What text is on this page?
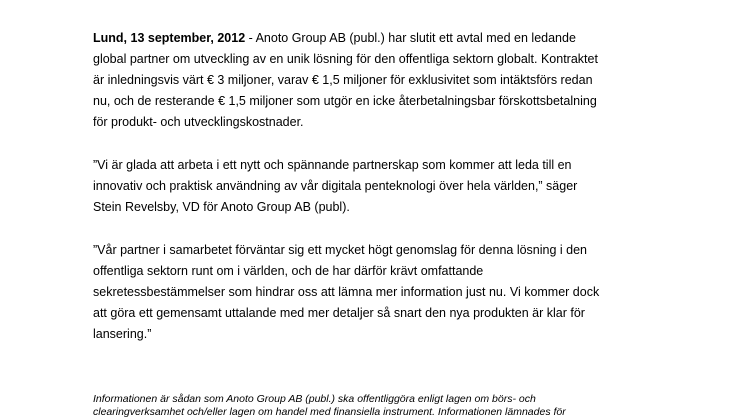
Lund, 13 september, 2012 - Anoto Group AB (publ.) har slutit ett avtal med en ledande
global partner om utveckling av en unik lösning för den offentliga sektorn globalt. Kontraktet
är inledningsvis värt € 3 miljoner, varav € 1,5 miljoner för exklusivitet som intäktsförs redan
nu, och de resterande € 1,5 miljoner som utgör en icke återbetalningsbar förskottsbetalning
för produkt- och utvecklingskostnader.

”Vi är glada att arbeta i ett nytt och spännande partnerskap som kommer att leda till en
innovativ och praktisk användning av vår digitala penteknologi över hela världen,” säger
Stein Revelsby, VD för Anoto Group AB (publ).

”Vår partner i samarbetet förväntar sig ett mycket högt genomslag för denna lösning i den
offentliga sektorn runt om i världen, och de har därför krävt omfattande
sekretessbestämmelser som hindrar oss att lämna mer information just nu. Vi kommer dock
att göra ett gemensamt uttalande med mer detaljer så snart den nya produkten är klar för
lansering.”

Informationen är sådan som Anoto Group AB (publ.) ska offentliggöra enligt lagen om börs- och
clearingverksamhet och/eller lagen om handel med finansiella instrument. Informationen lämnades för
